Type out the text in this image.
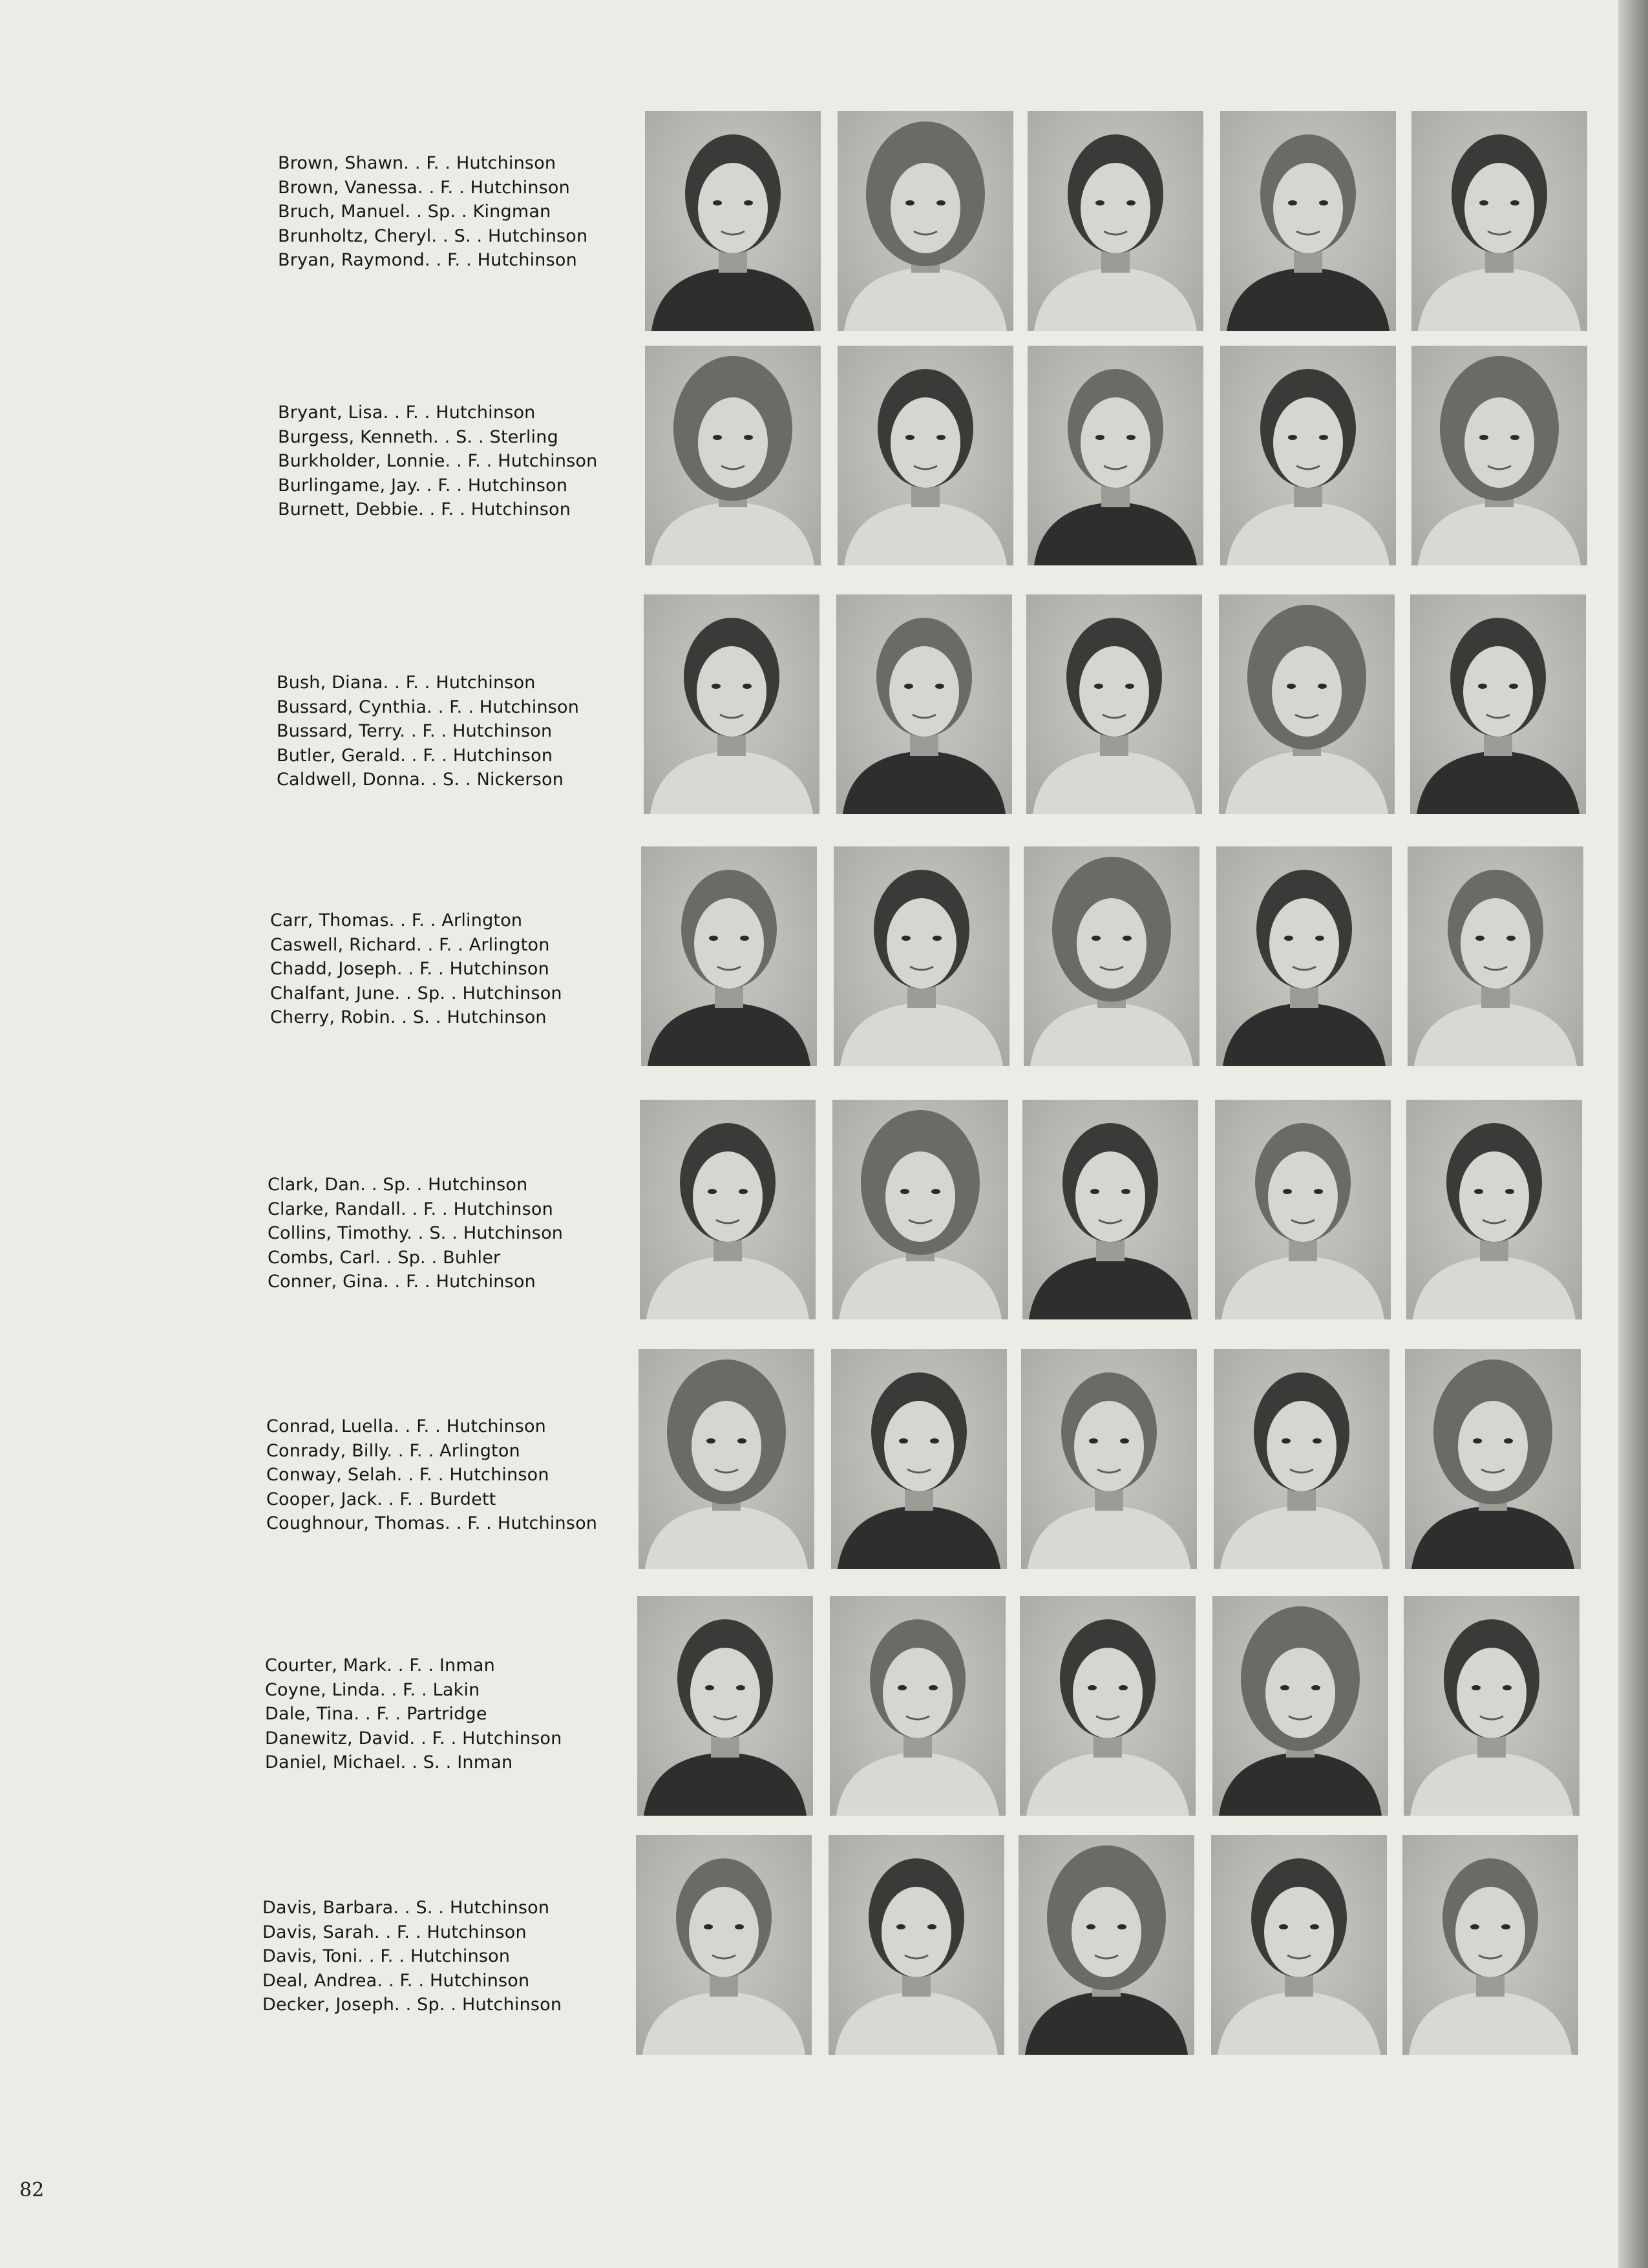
Brown, Shawn. . F. . Hutchinson
Brown, Vanessa. . F. . Hutchinson
Bruch, Manuel. . Sp. . Kingman
Brunholtz, Cheryl. . S. . Hutchinson
Bryan, Raymond. . F. . Hutchinson
Bryant, Lisa. . F. . Hutchinson
Burgess, Kenneth. . S. . Sterling
Burkholder, Lonnie. . F. . Hutchinson
Burlingame, Jay. . F. . Hutchinson
Burnett, Debbie. . F. . Hutchinson
Bush, Diana. . F. . Hutchinson
Bussard, Cynthia. . F. . Hutchinson
Bussard, Terry. . F. . Hutchinson
Butler, Gerald. . F. . Hutchinson
Caldwell, Donna. . S. . Nickerson
Carr, Thomas. . F. . Arlington
Caswell, Richard. . F. . Arlington
Chadd, Joseph. . F. . Hutchinson
Chalfant, June. . Sp. . Hutchinson
Cherry, Robin. . S. . Hutchinson
Clark, Dan. . Sp. . Hutchinson
Clarke, Randall. . F. . Hutchinson
Collins, Timothy. . S. . Hutchinson
Combs, Carl. . Sp. . Buhler
Conner, Gina. . F. . Hutchinson
Conrad, Luella. . F. . Hutchinson
Conrady, Billy. . F. . Arlington
Conway, Selah. . F. . Hutchinson
Cooper, Jack. . F. . Burdett
Coughnour, Thomas. . F. . Hutchinson
Courter, Mark. . F. . Inman
Coyne, Linda. . F. . Lakin
Dale, Tina. . F. . Partridge
Danewitz, David. . F. . Hutchinson
Daniel, Michael. . S. . Inman
Davis, Barbara. . S. . Hutchinson
Davis, Sarah. . F. . Hutchinson
Davis, Toni. . F. . Hutchinson
Deal, Andrea. . F. . Hutchinson
Decker, Joseph. . Sp. . Hutchinson
82
